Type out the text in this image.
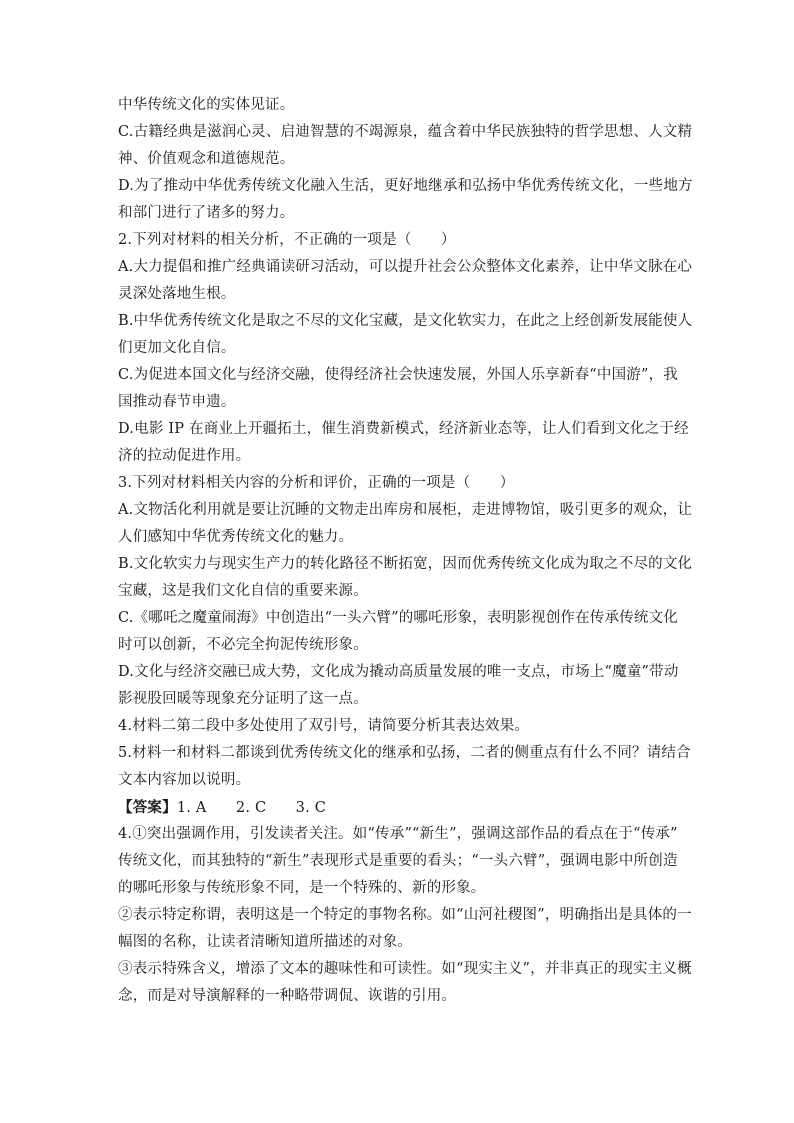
中华传统文化的实体见证。
C.古籍经典是滋润心灵、启迪智慧的不竭源泉，蕴含着中华民族独特的哲学思想、人文精
神、价值观念和道德规范。
D.为了推动中华优秀传统文化融入生活，更好地继承和弘扬中华优秀传统文化，一些地方
和部门进行了诸多的努力。
2.下列对材料的相关分析，不正确的一项是（　　）
A.大力提倡和推广经典诵读研习活动，可以提升社会公众整体文化素养，让中华文脉在心
灵深处落地生根。
B.中华优秀传统文化是取之不尽的文化宝藏，是文化软实力，在此之上经创新发展能使人
们更加文化自信。
C.为促进本国文化与经济交融，使得经济社会快速发展，外国人乐享新春“中国游”，我
国推动春节申遗。
D.电影 IP 在商业上开疆拓土，催生消费新模式，经济新业态等，让人们看到文化之于经
济的拉动促进作用。
3.下列对材料相关内容的分析和评价，正确的一项是（　　）
A.文物活化利用就是要让沉睡的文物走出库房和展柜，走进博物馆，吸引更多的观众，让
人们感知中华优秀传统文化的魅力。
B.文化软实力与现实生产力的转化路径不断拓宽，因而优秀传统文化成为取之不尽的文化
宝藏，这是我们文化自信的重要来源。
C.《哪吒之魔童闹海》中创造出“一头六臂”的哪吒形象，表明影视创作在传承传统文化
时可以创新，不必完全拘泥传统形象。
D.文化与经济交融已成大势，文化成为撬动高质量发展的唯一支点，市场上“魔童”带动
影视股回暖等现象充分证明了这一点。
4.材料二第二段中多处使用了双引号，请简要分析其表达效果。
5.材料一和材料二都谈到优秀传统文化的继承和弘扬，二者的侧重点有什么不同？请结合
文本内容加以说明。
【答案】1. A　　2. C　　3. C
4.①突出强调作用，引发读者关注。如“传承”“新生”，强调这部作品的看点在于“传承”
传统文化，而其独特的“新生”表现形式是重要的看头；“一头六臂”，强调电影中所创造
的哪吒形象与传统形象不同，是一个特殊的、新的形象。
②表示特定称谓，表明这是一个特定的事物名称。如“山河社稷图”，明确指出是具体的一
幅图的名称，让读者清晰知道所描述的对象。
③表示特殊含义，增添了文本的趣味性和可读性。如“现实主义”，并非真正的现实主义概
念，而是对导演解释的一种略带调侃、诙谐的引用。
